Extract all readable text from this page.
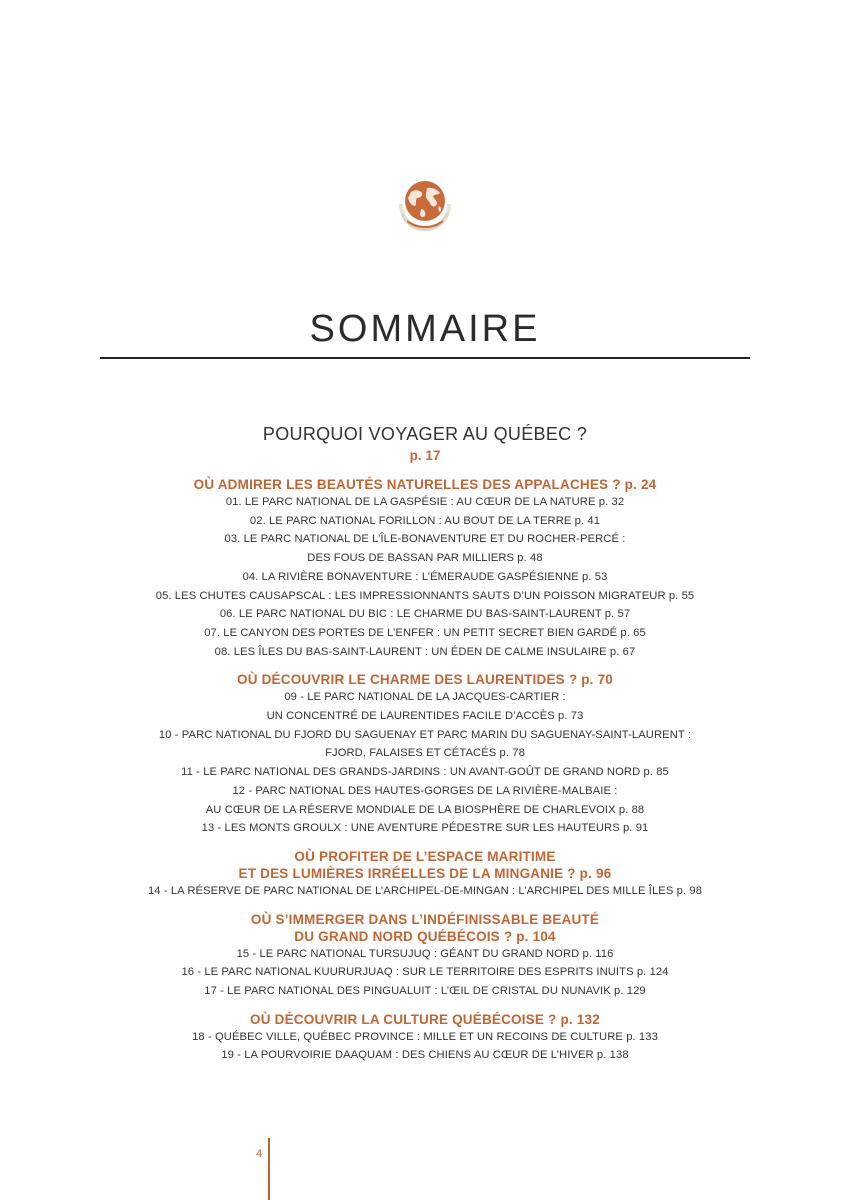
SOMMAIRE
POURQUOI VOYAGER AU QUÉBEC ?
p. 17
OÙ ADMIRER LES BEAUTÉS NATURELLES DES APPALACHES ? p. 24
01. LE PARC NATIONAL DE LA GASPÉSIE : AU CŒUR DE LA NATURE p. 32
02. LE PARC NATIONAL FORILLON : AU BOUT DE LA TERRE p. 41
03. LE PARC NATIONAL DE L’ÎLE-BONAVENTURE ET DU ROCHER-PERCÉ :
DES FOUS DE BASSAN PAR MILLIERS p. 48
04. LA RIVIÈRE BONAVENTURE : L’ÉMERAUDE GASPÉSIENNE p. 53
05. LES CHUTES CAUSAPSCAL : LES IMPRESSIONNANTS SAUTS D’UN POISSON MIGRATEUR p. 55
06. LE PARC NATIONAL DU BIC : LE CHARME DU BAS-SAINT-LAURENT p. 57
07. LE CANYON DES PORTES DE L’ENFER : UN PETIT SECRET BIEN GARDÉ p. 65
08. LES ÎLES DU BAS-SAINT-LAURENT : UN ÉDEN DE CALME INSULAIRE p. 67
OÙ DÉCOUVRIR LE CHARME DES LAURENTIDES ? p. 70
09 - LE PARC NATIONAL DE LA JACQUES-CARTIER :
UN CONCENTRÉ DE LAURENTIDES FACILE D’ACCÈS p. 73
10 - PARC NATIONAL DU FJORD DU SAGUENAY ET PARC MARIN DU SAGUENAY-SAINT-LAURENT :
FJORD, FALAISES ET CÉTACÉS p. 78
11 - LE PARC NATIONAL DES GRANDS-JARDINS : UN AVANT-GOÛT DE GRAND NORD p. 85
12 - PARC NATIONAL DES HAUTES-GORGES DE LA RIVIÈRE-MALBAIE :
AU CŒUR DE LA RÉSERVE MONDIALE DE LA BIOSPHÈRE DE CHARLEVOIX p. 88
13 - LES MONTS GROULX : UNE AVENTURE PÉDESTRE SUR LES HAUTEURS p. 91
OÙ PROFITER DE L’ESPACE MARITIME
ET DES LUMIÈRES IRRÉELLES DE LA MINGANIE ? p. 96
14 - LA RÉSERVE DE PARC NATIONAL DE L’ARCHIPEL-DE-MINGAN : L’ARCHIPEL DES MILLE ÎLES p. 98
OÙ S’IMMERGER DANS L’INDÉFINISSABLE BEAUTÉ
DU GRAND NORD QUÉBÉCOIS ? p. 104
15 - LE PARC NATIONAL TURSUJUQ : GÉANT DU GRAND NORD p. 116
16 - LE PARC NATIONAL KUURURJUAQ : SUR LE TERRITOIRE DES ESPRITS INUITS p. 124
17 - LE PARC NATIONAL DES PINGUALUIT : L’ŒIL DE CRISTAL DU NUNAVIK p. 129
OÙ DÉCOUVRIR LA CULTURE QUÉBÉCOISE ? p. 132
18 - QUÉBEC VILLE, QUÉBEC PROVINCE : MILLE ET UN RECOINS DE CULTURE p. 133
19 - LA POURVOIRIE DAAQUAM : DES CHIENS AU CŒUR DE L’HIVER p. 138
4
